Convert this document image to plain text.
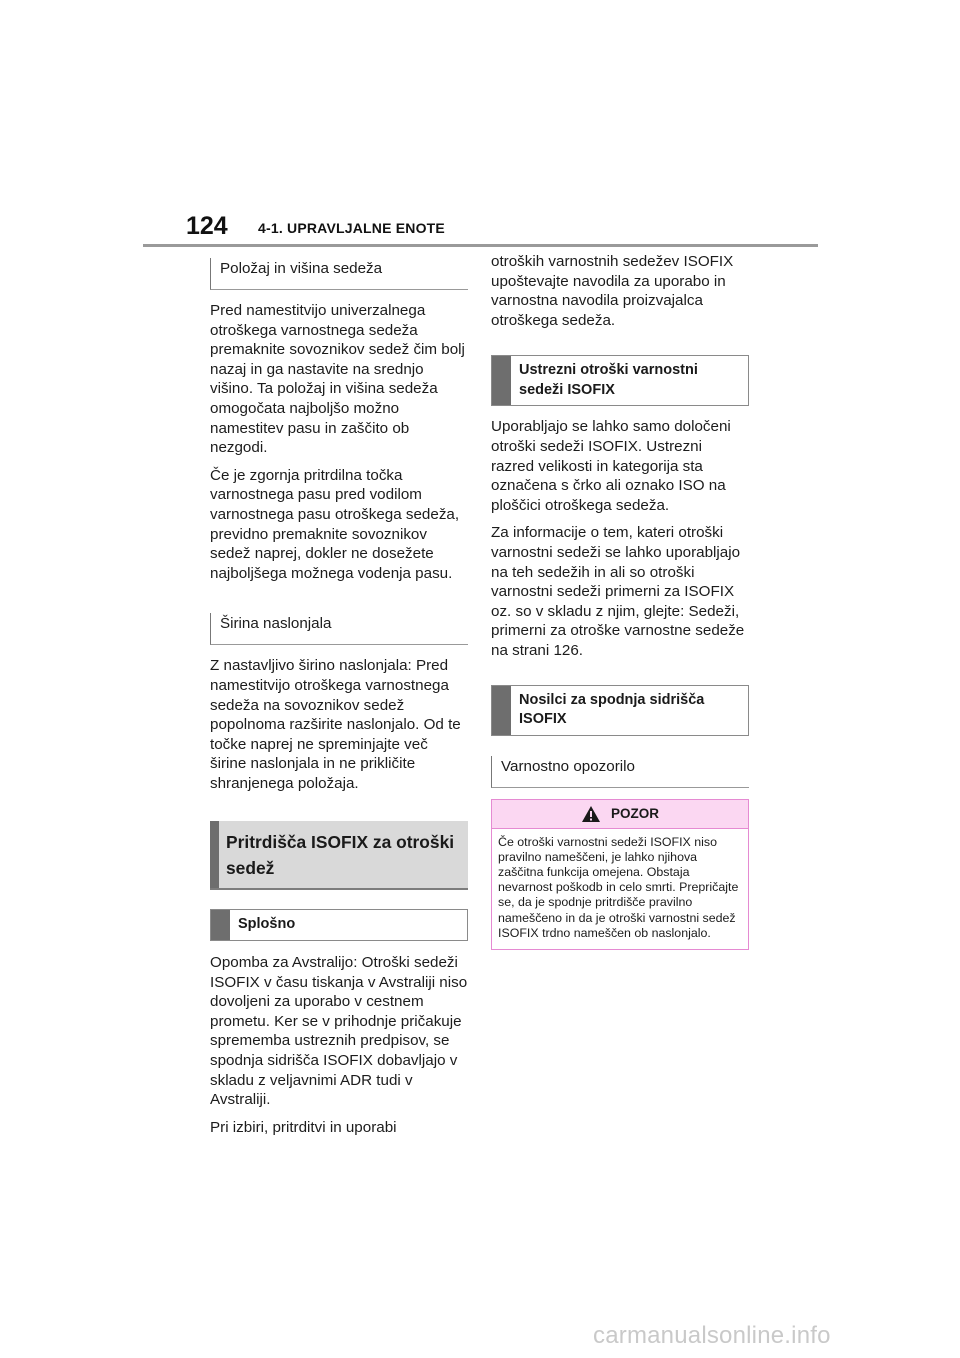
124 4-1. UPRAVLJALNE ENOTE
Položaj in višina sedeža

Pred namestitvijo univerzalnega otroškega varnostnega sedeža premaknite sovoznikov sedež čim bolj nazaj in ga nastavite na srednjo višino. Ta položaj in višina sedeža omogočata najboljšo možno namestitev pasu in zaščito ob nezgodi.

Če je zgornja pritrdilna točka varnostnega pasu pred vodilom varnostnega pasu otroškega sedeža, previdno premaknite sovoznikov sedež naprej, dokler ne dosežete najboljšega možnega vodenja pasu.

Širina naslonjala

Z nastavljivo širino naslonjala: Pred namestitvijo otroškega varnostnega sedeža na sovoznikov sedež popolnoma razširite naslonjalo. Od te točke naprej ne spreminjajte več širine naslonjala in ne prikličite shranjenega položaja.

Pritrdišča ISOFIX za otroški sedež
Splošno

Opomba za Avstralijo: Otroški sedeži ISOFIX v času tiskanja v Avstraliji niso dovoljeni za uporabo v cestnem prometu. Ker se v prihodnje pričakuje sprememba ustreznih predpisov, se spodnja sidrišča ISOFIX dobavljajo v skladu z veljavnimi ADR tudi v Avstraliji.

Pri izbiri, pritrditvi in uporabi

otroških varnostnih sedežev ISOFIX upoštevajte navodila za uporabo in varnostna navodila proizvajalca otroškega sedeža.

Ustrezni otroški varnostni sedeži ISOFIX

Uporabljajo se lahko samo določeni otroški sedeži ISOFIX. Ustrezni razred velikosti in kategorija sta označena s črko ali oznako ISO na ploščici otroškega sedeža.

Za informacije o tem, kateri otroški varnostni sedeži se lahko uporabljajo na teh sedežih in ali so otroški varnostni sedeži primerni za ISOFIX oz. so v skladu z njim, glejte: Sedeži, primerni za otroške varnostne sedeže na strani 126.

Nosilci za spodnja sidrišča ISOFIX
Varnostno opozorilo
POZOR
Če otroški varnostni sedeži ISOFIX niso pravilno nameščeni, je lahko njihova zaščitna funkcija omejena. Obstaja nevarnost poškodb in celo smrti. Prepričajte se, da je spodnje pritrdišče pravilno nameščeno in da je otroški varnostni sedež ISOFIX trdno nameščen ob naslonjalo.
carmanualsonline.info
